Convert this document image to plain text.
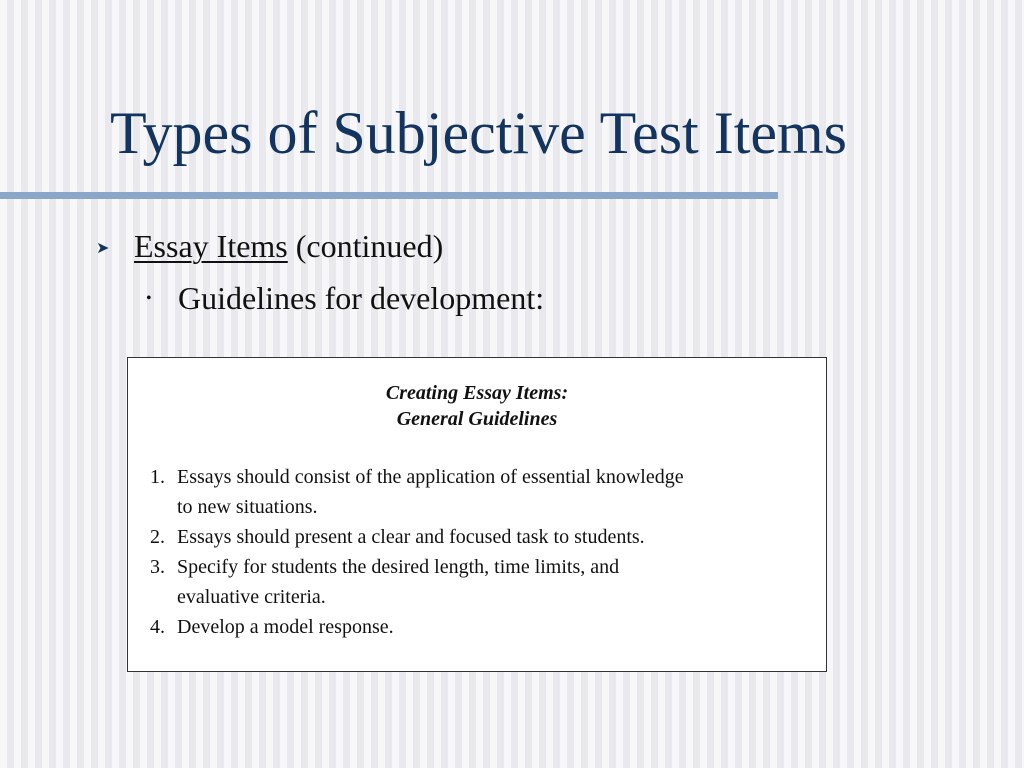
Types of Subjective Test Items
➤ Essay Items (continued)
• Guidelines for development:
Creating Essay Items:
General Guidelines
1. Essays should consist of the application of essential knowledge
to new situations.
2. Essays should present a clear and focused task to students.
3. Specify for students the desired length, time limits, and
evaluative criteria.
4. Develop a model response.
